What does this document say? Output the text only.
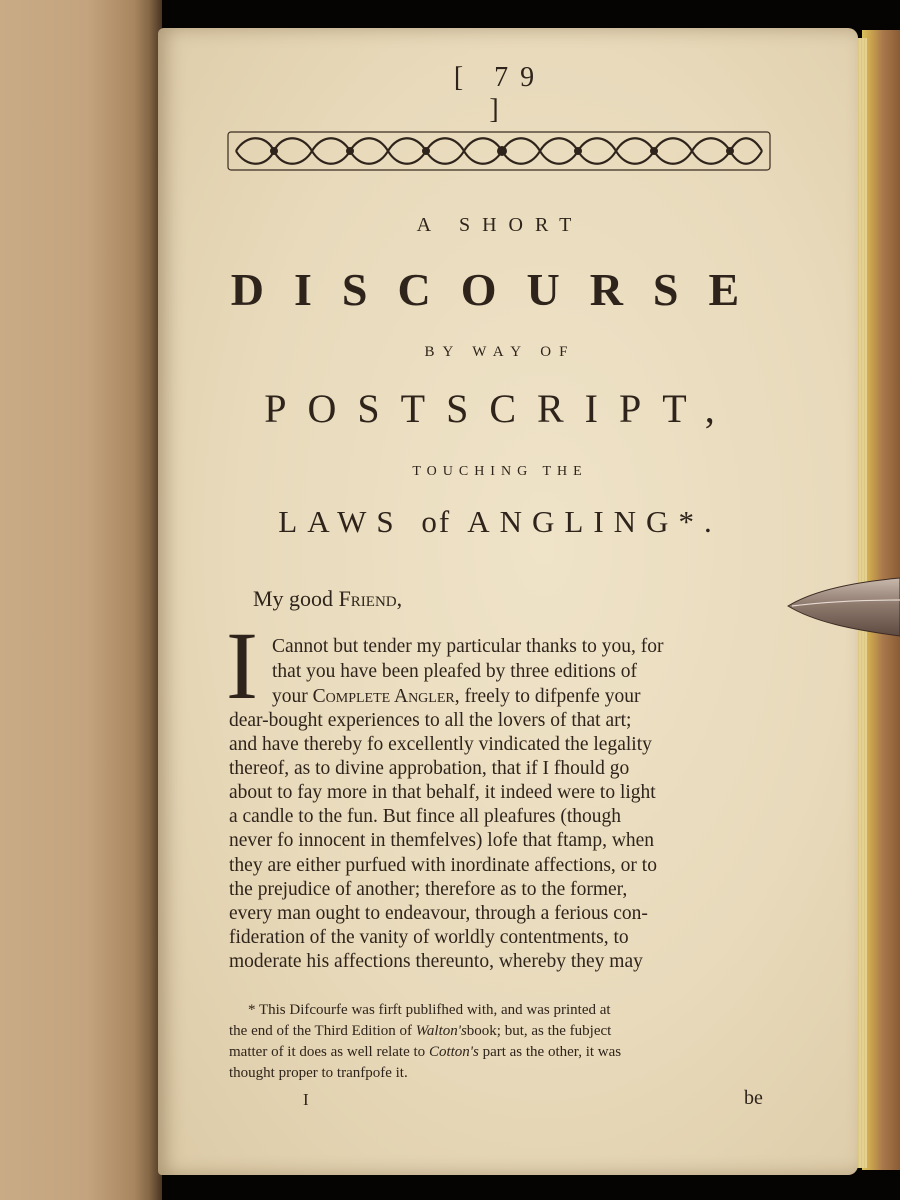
[ 79 ]
A SHORT
DISCOURSE
BY WAY OF
POSTSCRIPT,
TOUCHING THE
LAWS of ANGLING*.
My good Friend,
I Cannot but tender my particular thanks to you, for
that you have been pleafed by three editions of
your Complete Angler, freely to difpenfe your
dear-bought experiences to all the lovers of that art;
and have thereby fo excellently vindicated the legality
thereof, as to divine approbation, that if I fhould go
about to fay more in that behalf, it indeed were to light
a candle to the fun. But fince all pleafures (though
never fo innocent in themfelves) lofe that ftamp, when
they are either purfued with inordinate affections, or to
the prejudice of another; therefore as to the former,
every man ought to endeavour, through a ferious con-
fideration of the vanity of worldly contentments, to
moderate his affections thereunto, whereby they may
* This Difcourfe was firft publifhed with, and was printed at
the end of the Third Edition of Walton'sbook; but, as the fubject
matter of it does as well relate to Cotton's part as the other, it was
thought proper to tranfpofe it.
I	be
